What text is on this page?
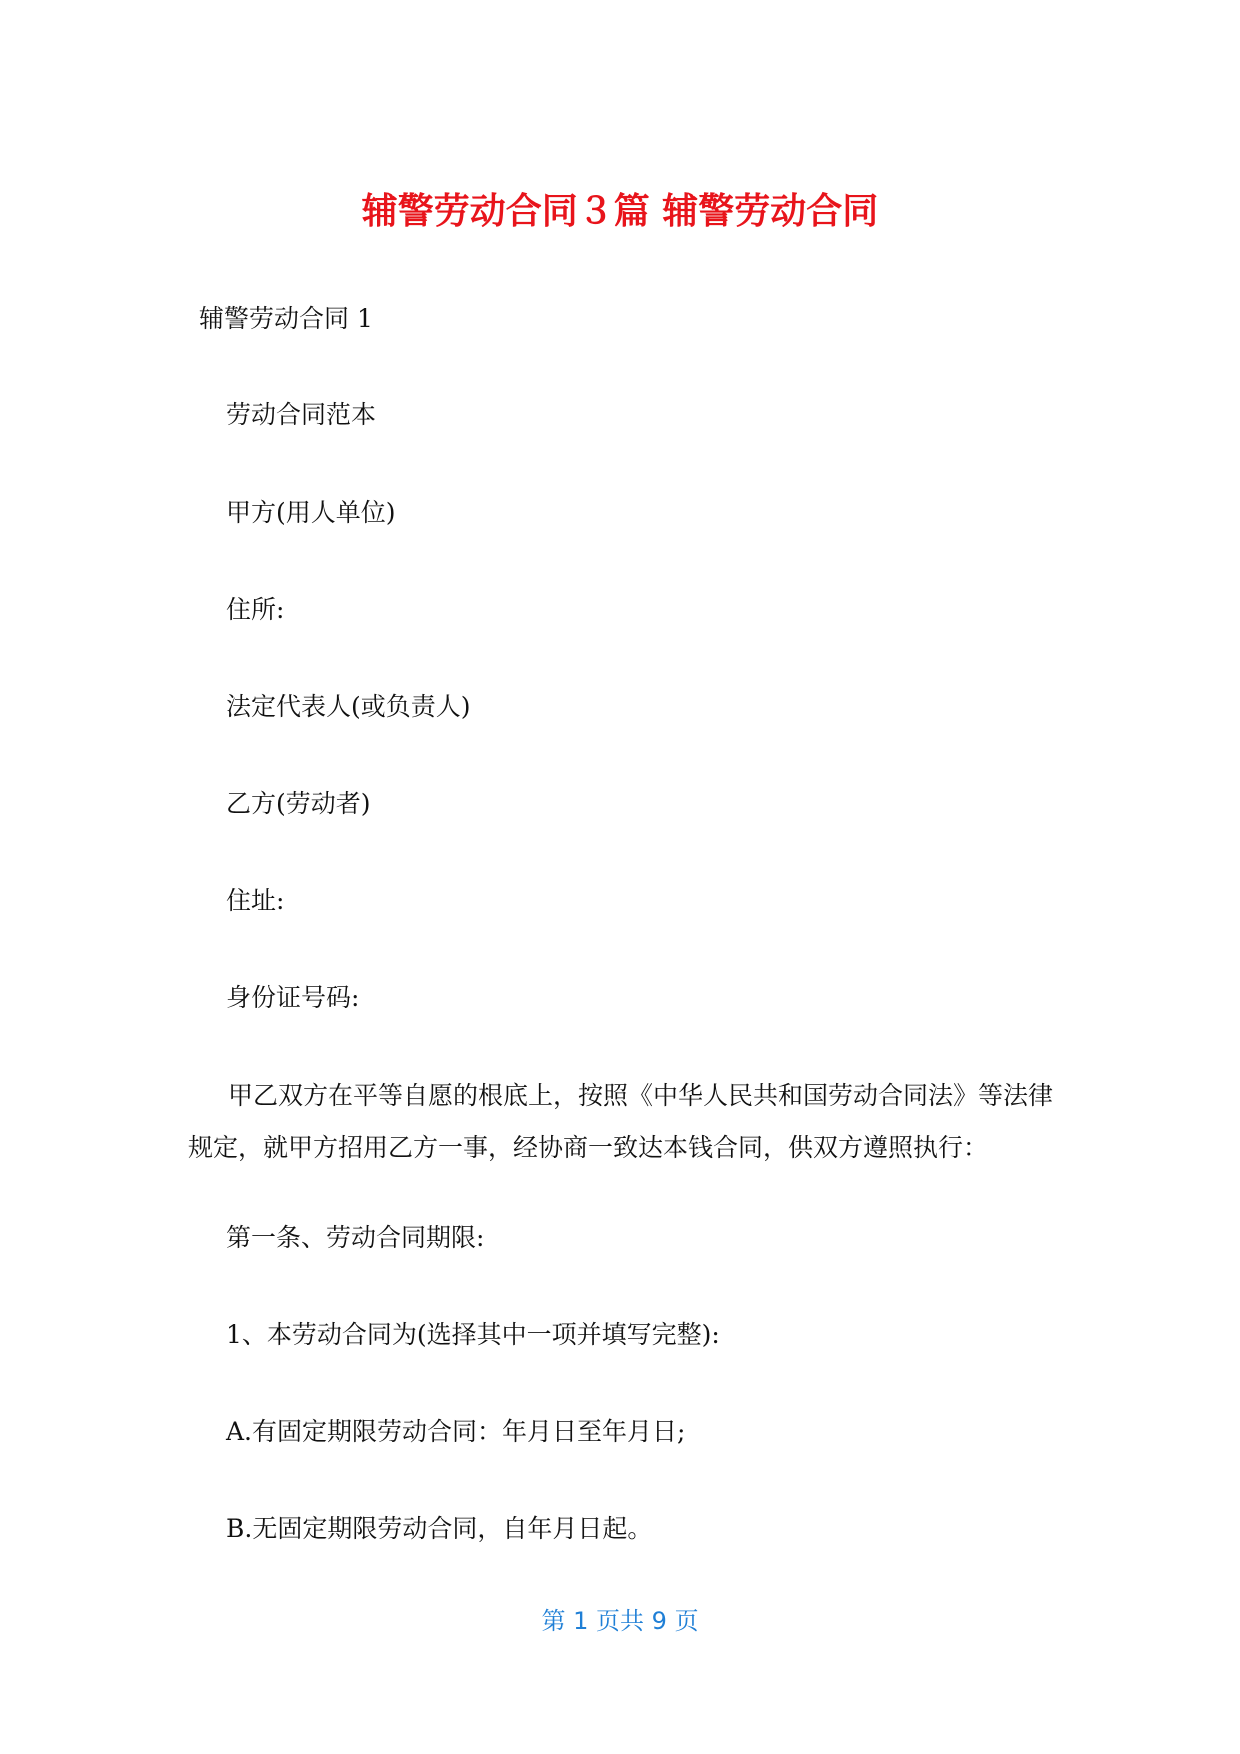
辅警劳动合同３篇 辅警劳动合同
辅警劳动合同 1
劳动合同范本
甲方(用人单位)
住所:
法定代表人(或负责人)
乙方(劳动者)
住址:
身份证号码:
甲乙双方在平等自愿的根底上，按照《中华人民共和国劳动合同法》等法律规定，就甲方招用乙方一事，经协商一致达本钱合同，供双方遵照执行：
第一条、劳动合同期限:
1、本劳动合同为(选择其中一项并填写完整):
A.有固定期限劳动合同：年月日至年月日;
B.无固定期限劳动合同，自年月日起。
第 1 页共 9 页
